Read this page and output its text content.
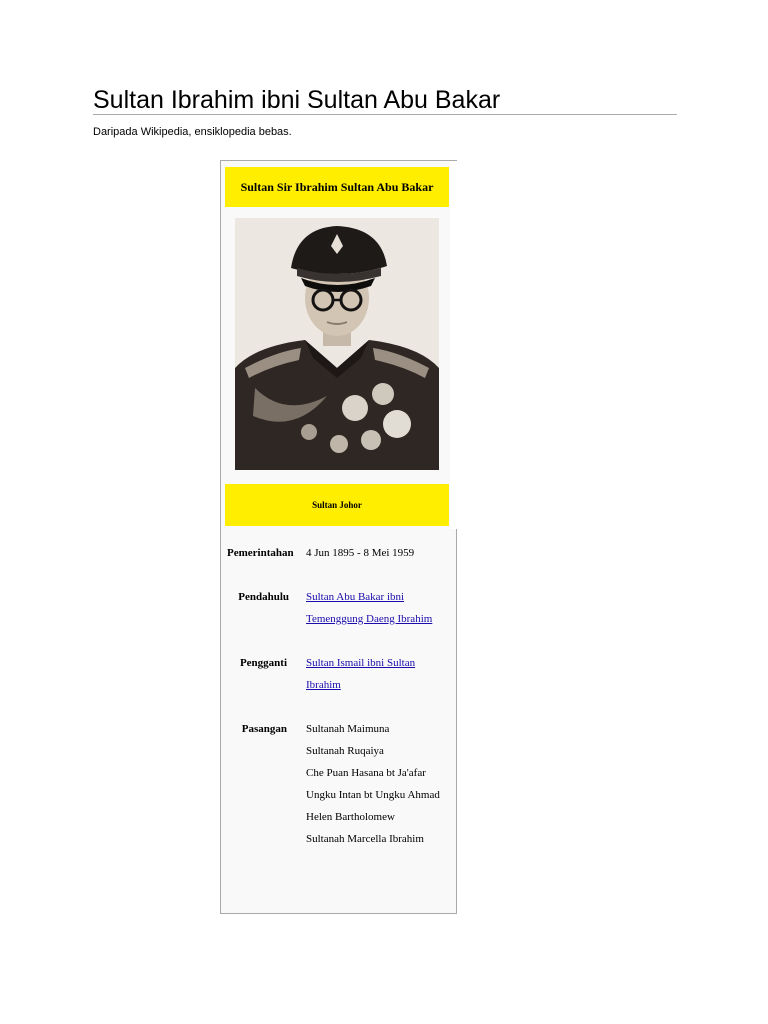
Sultan Ibrahim ibni Sultan Abu Bakar
Daripada Wikipedia, ensiklopedia bebas.
Sultan Sir Ibrahim Sultan Abu Bakar
Sultan Johor
Pemerintahan	4 Jun 1895 - 8 Mei 1959
Pendahulu Sultan Abu Bakar ibni
Temenggung Daeng Ibrahim
Pengganti Sultan Ismail ibni Sultan
Ibrahim
Pasangan Sultanah Maimuna
Sultanah Ruqaiya
Che Puan Hasana bt Ja'afar
Ungku Intan bt Ungku Ahmad
Helen Bartholomew
Sultanah Marcella Ibrahim
